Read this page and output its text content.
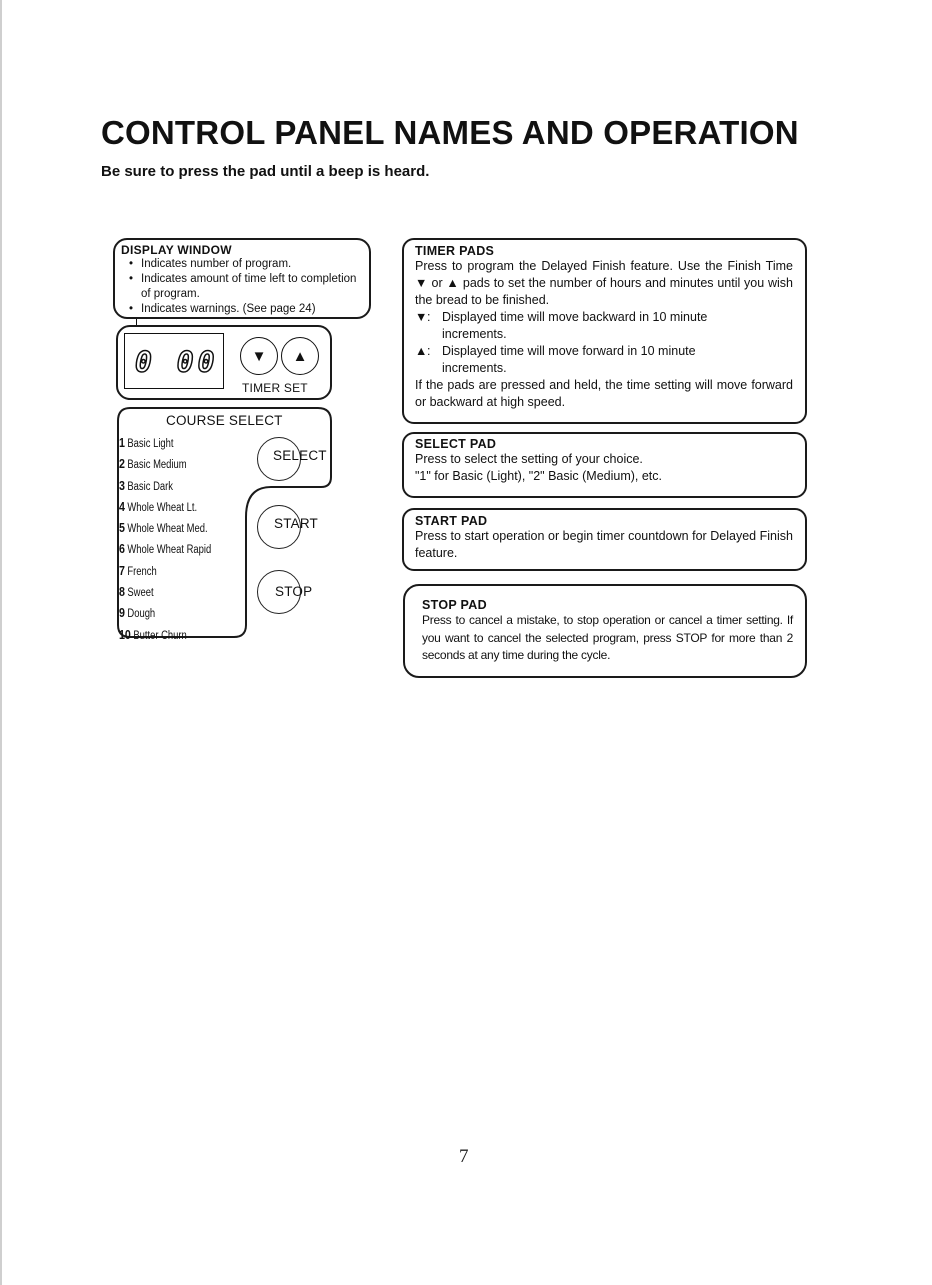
CONTROL PANEL NAMES AND OPERATION

Be sure to press the pad until a beep is heard.

DISPLAY WINDOW
• Indicates number of program.
• Indicates amount of time left to completion of program.
• Indicates warnings. (See page 24)
0 00 ▼ ▲
TIMER SET
COURSE SELECT
1 Basic Light
2 Basic Medium
3 Basic Dark
4 Whole Wheat Lt.
5 Whole Wheat Med.
6 Whole Wheat Rapid
7 French
8 Sweet
9 Dough
10 Butter Churn
SELECT
START
STOP
TIMER PADS

Press to program the Delayed Finish feature. Use the Finish Time ▼ or ▲ pads to set the number of hours and minutes until you wish the bread to be finished.

▼ : Displayed time will move backward in 10 minute
increments.
▲ : Displayed time will move forward in 10 minute
increments.

If the pads are pressed and held, the time setting will move forward or backward at high speed.

SELECT PAD

Press to select the setting of your choice.

"1" for Basic (Light), "2" Basic (Medium), etc.

START PAD

Press to start operation or begin timer countdown for Delayed Finish feature.

STOP PAD

Press to cancel a mistake, to stop operation or cancel a timer setting. If you want to cancel the selected program, press STOP for more than 2 seconds at any time during the cycle.

7
